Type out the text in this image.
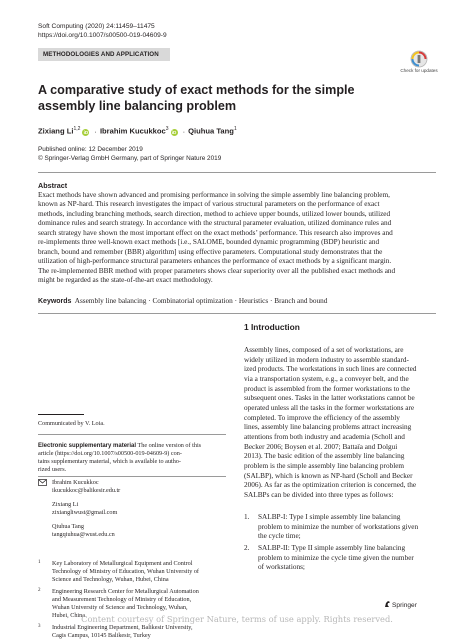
Soft Computing (2020) 24:11459–11475
https://doi.org/10.1007/s00500-019-04609-9
METHODOLOGIES AND APPLICATION
Check for updates
A comparative study of exact methods for the simple assembly line balancing problem
Zixiang Li$^{1,2}$iD · Ibrahim Kucukkoc$^3$iD · Qiuhua Tang$^1$
Published online: 12 December 2019
© Springer-Verlag GmbH Germany, part of Springer Nature 2019
Abstract
Exact methods have shown advanced and promising performance in solving the simple assembly line balancing problem,
known as NP-hard. This research investigates the impact of various structural parameters on the performance of exact
methods, including branching methods, search direction, method to achieve upper bounds, utilized lower bounds, utilized
dominance rules and search strategy. In accordance with the structural parameter evaluation, utilized dominance rules and
search strategy have shown the most important effect on the exact methods’ performance. This research also improves and
re-implements three well-known exact methods [i.e., SALOME, bounded dynamic programming (BDP) heuristic and
branch, bound and remember (BBR) algorithm] using effective parameters. Computational study demonstrates that the
utilization of high-performance structural parameters enhances the performance of exact methods by a significant margin.
The re-implemented BBR method with proper parameters shows clear superiority over all the published exact methods and
might be regarded as the state-of-the-art exact methodology.
Keywords Assembly line balancing · Combinatorial optimization · Heuristics · Branch and bound
1 Introduction
Assembly lines, composed of a set of workstations, are
widely utilized in modern industry to assemble standard-
ized products. The workstations in such lines are connected
via a transportation system, e.g., a conveyer belt, and the
product is assembled from the former workstations to the
subsequent ones. Tasks in the latter workstations cannot be
operated unless all the tasks in the former workstations are
completed. To improve the efficiency of the assembly
lines, assembly line balancing problems attract increasing
attentions from both industry and academia (Scholl and
Becker 2006; Boysen et al. 2007; Battaïa and Dolgui
2013). The basic edition of the assembly line balancing
problem is the simple assembly line balancing problem
(SALBP), which is known as NP-hard (Scholl and Becker
2006). As far as the optimization criterion is concerned, the
SALBPs can be divided into three types as follows:
1. SALBP-I: Type I simple assembly line balancing
problem to minimize the number of workstations given
the cycle time;
2. SALBP-II: Type II simple assembly line balancing
problem to minimize the cycle time given the number
of workstations;
Communicated by V. Loia.
Electronic supplementary material The online version of this
article (https://doi.org/10.1007/s00500-019-04609-9) con-
tains supplementary material, which is available to autho-
rized users.
Ibrahim Kucukkoc
ikucukkoc@balikesir.edu.tr
Zixiang Li
zixiangliwust@gmail.com
Qiuhua Tang
tangqiuhua@wust.edu.cn
1 Key Laboratory of Metallurgical Equipment and Control
Technology of Ministry of Education, Wuhan University of
Science and Technology, Wuhan, Hubei, China
2 Engineering Research Center for Metallurgical Automation
and Measurement Technology of Ministry of Education,
Wuhan University of Science and Technology, Wuhan,
Hubei, China
3 Industrial Engineering Department, Balikesir University,
Cagis Campus, 10145 Balikesir, Turkey
Springer
Content courtesy of Springer Nature, terms of use apply. Rights reserved.
